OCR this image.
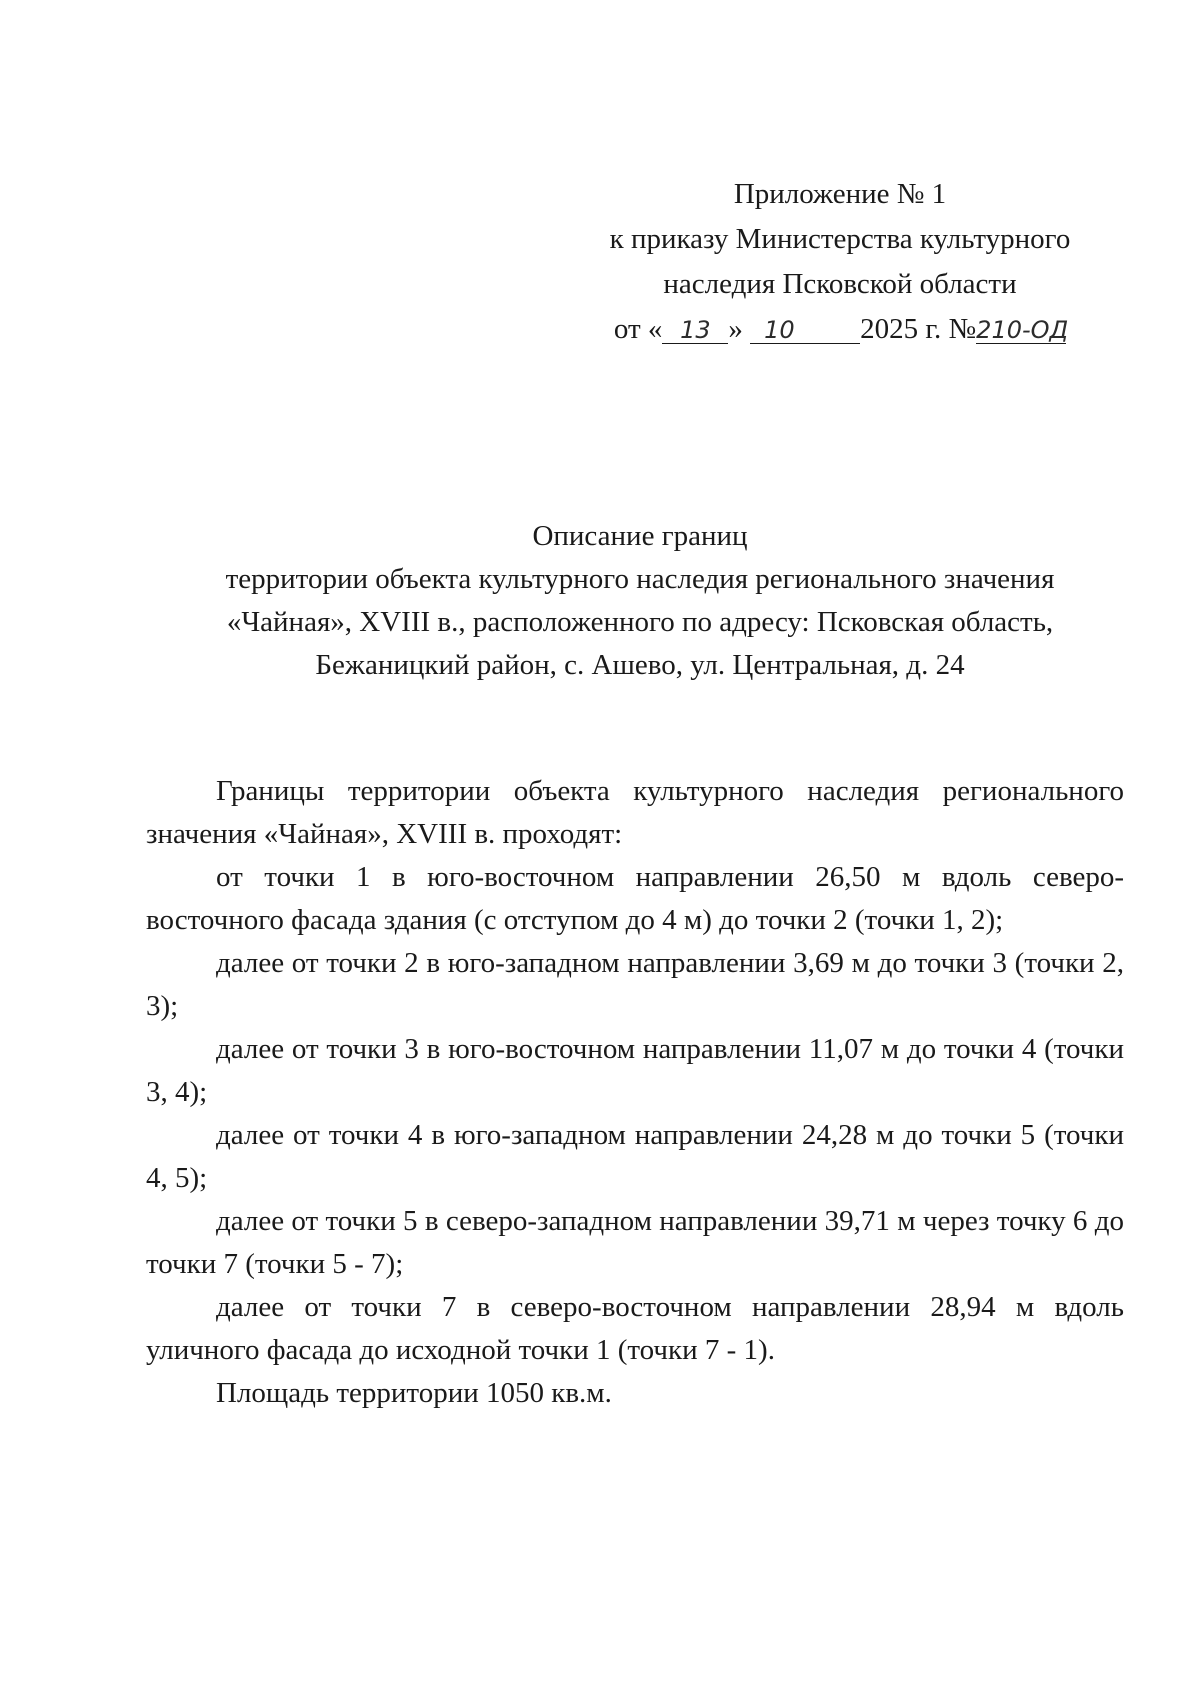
Приложение № 1
к приказу Министерства культурного
наследия Псковской области
от « 13 » 10 2025 г. №210-ОД
Описание границ
территории объекта культурного наследия регионального значения
«Чайная», XVIII в., расположенного по адресу: Псковская область,
Бежаницкий район, с. Ашево, ул. Центральная, д. 24

Границы территории объекта культурного наследия регионального значения «Чайная», XVIII в. проходят:

от точки 1 в юго-восточном направлении 26,50 м вдоль северо-восточного фасада здания (с отступом до 4 м) до точки 2 (точки 1, 2);

далее от точки 2 в юго-западном направлении 3,69 м до точки 3 (точки 2, 3);

далее от точки 3 в юго-восточном направлении 11,07 м до точки 4 (точки 3, 4);

далее от точки 4 в юго-западном направлении 24,28 м до точки 5 (точки 4, 5);

далее от точки 5 в северо-западном направлении 39,71 м через точку 6 до точки 7 (точки 5 - 7);

далее от точки 7 в северо-восточном направлении 28,94 м вдоль уличного фасада до исходной точки 1 (точки 7 - 1).

Площадь территории 1050 кв.м.
